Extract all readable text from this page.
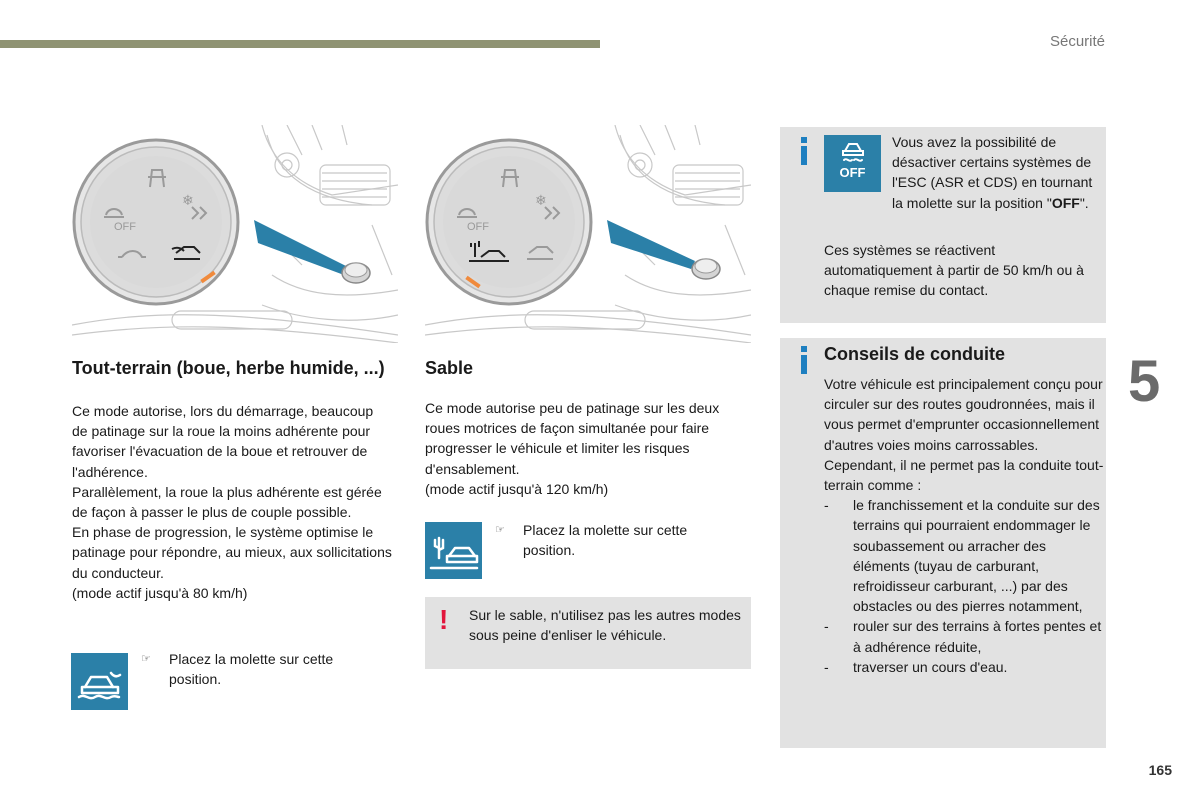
Sécurité
5
165
OFF
❄
OFF
❄

Tout-terrain (boue, herbe humide, ...)

Ce mode autorise, lors du démarrage, beaucoup de patinage sur la roue la moins adhérente pour favoriser l'évacuation de la boue et retrouver de l'adhérence.

Parallèlement, la roue la plus adhérente est gérée de façon à passer le plus de couple possible.

En phase de progression, le système optimise le patinage pour répondre, au mieux, aux sollicitations du conducteur.

(mode actif jusqu'à 80 km/h)

☞ Placez la molette sur cette position.

Sable

Ce mode autorise peu de patinage sur les deux roues motrices de façon simultanée pour faire progresser le véhicule et limiter les risques d'ensablement.

(mode actif jusqu'à 120 km/h)

☞ Placez la molette sur cette position.
! Sur le sable, n'utilisez pas les autres modes sous peine d'enliser le véhicule.

OFF

Vous avez la possibilité de désactiver certains systèmes de l'ESC (ASR et CDS) en tournant la molette sur la position "OFF".

Ces systèmes se réactivent automatiquement à partir de 50 km/h ou à chaque remise du contact.

Conseils de conduite

Votre véhicule est principalement conçu pour circuler sur des routes goudronnées, mais il vous permet d'emprunter occasionnellement d'autres voies moins carrossables.

Cependant, il ne permet pas la conduite tout-terrain comme :

- le franchissement et la conduite sur des terrains qui pourraient endommager le soubassement ou arracher des éléments (tuyau de carburant, refroidisseur carburant, ...) par des obstacles ou des pierres notamment,
- rouler sur des terrains à fortes pentes et à adhérence réduite,
- traverser un cours d'eau.
